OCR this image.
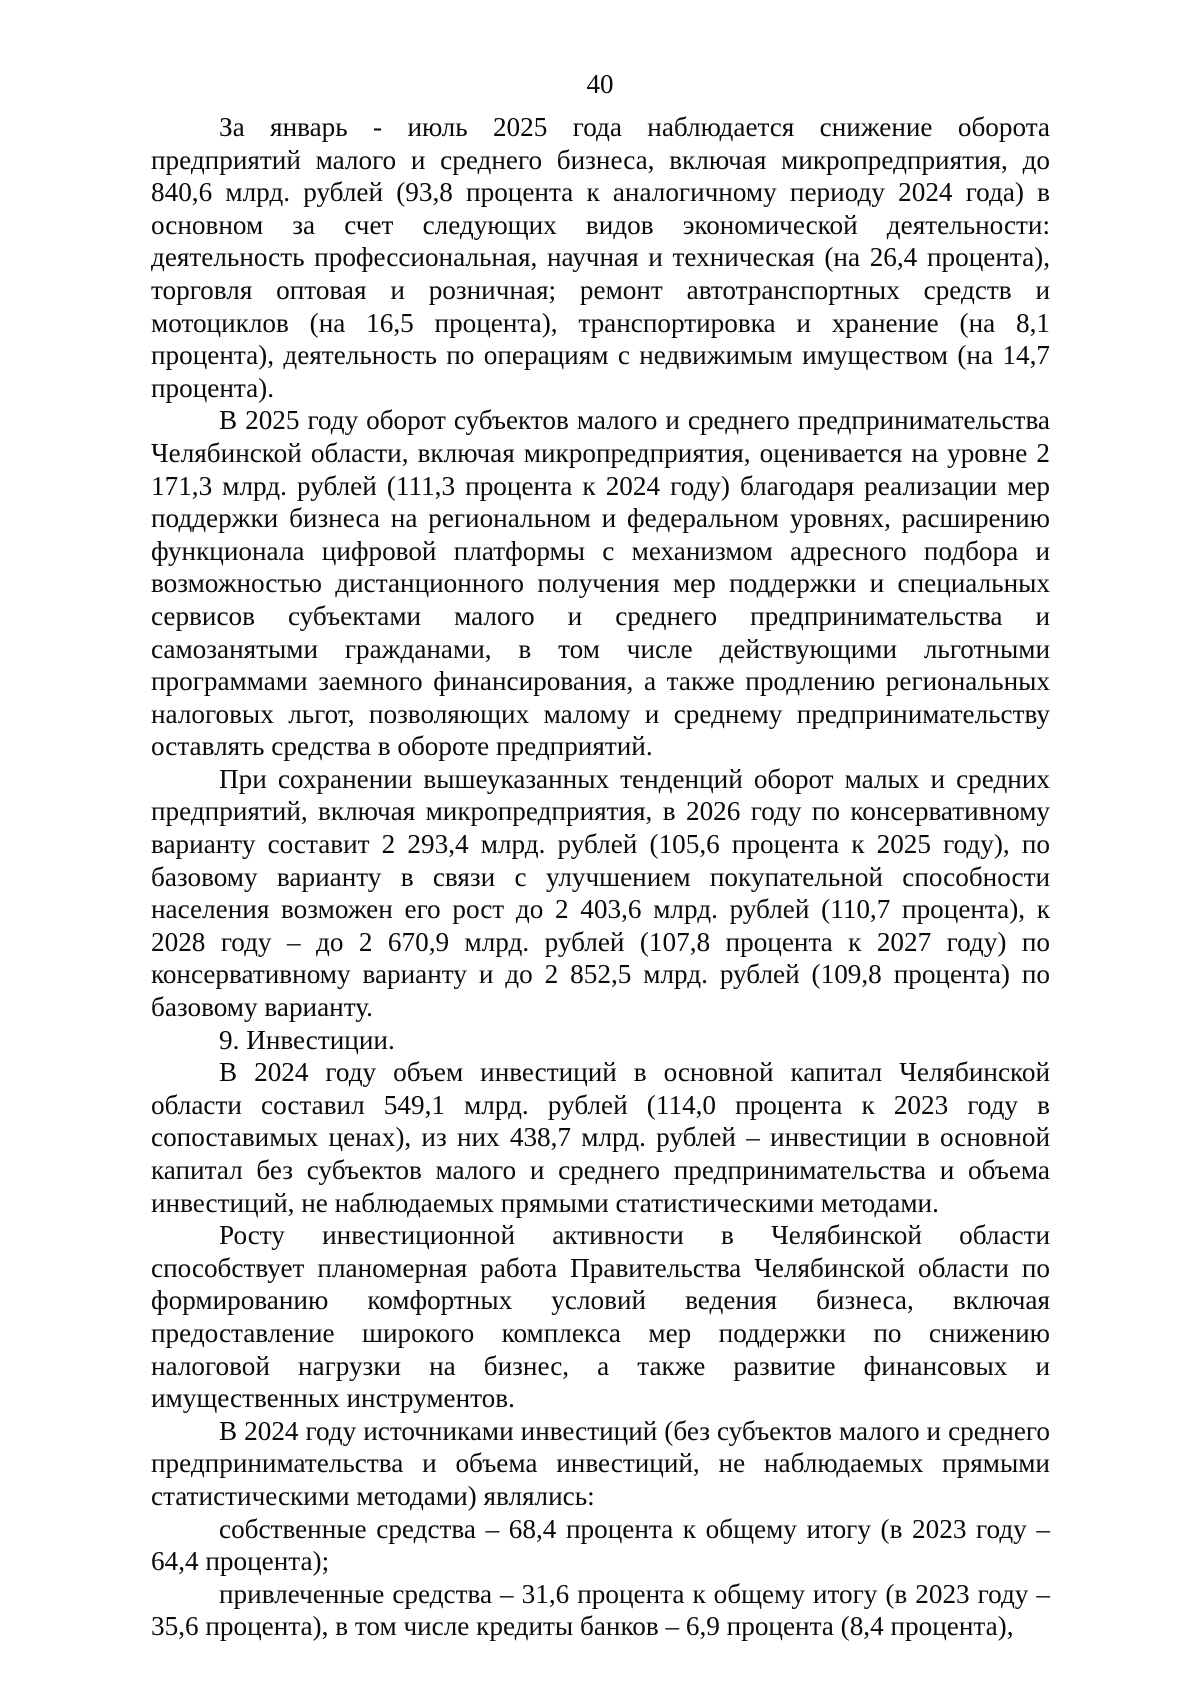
40

За январь - июль 2025 года наблюдается снижение оборота предприятий малого и среднего бизнеса, включая микропредприятия, до 840,6 млрд. рублей (93,8 процента к аналогичному периоду 2024 года) в основном за счет следующих видов экономической деятельности: деятельность профессиональная, научная и техническая (на 26,4 процента), торговля оптовая и розничная; ремонт автотранспортных средств и мотоциклов (на 16,5 процента), транспортировка и хранение (на 8,1 процента), деятельность по операциям с недвижимым имуществом (на 14,7 процента).

В 2025 году оборот субъектов малого и среднего предпринимательства Челябинской области, включая микропредприятия, оценивается на уровне 2 171,3 млрд. рублей (111,3 процента к 2024 году) благодаря реализации мер поддержки бизнеса на региональном и федеральном уровнях, расширению функционала цифровой платформы с механизмом адресного подбора и возможностью дистанционного получения мер поддержки и специальных сервисов субъектами малого и среднего предпринимательства и самозанятыми гражданами, в том числе действующими льготными программами заемного финансирования, а также продлению региональных налоговых льгот, позволяющих малому и среднему предпринимательству оставлять средства в обороте предприятий.

При сохранении вышеуказанных тенденций оборот малых и средних предприятий, включая микропредприятия, в 2026 году по консервативному варианту составит 2 293,4 млрд. рублей (105,6 процента к 2025 году), по базовому варианту в связи с улучшением покупательной способности населения возможен его рост до 2 403,6 млрд. рублей (110,7 процента), к 2028 году – до 2 670,9 млрд. рублей (107,8 процента к 2027 году) по консервативному варианту и до 2 852,5 млрд. рублей (109,8 процента) по базовому варианту.

9. Инвестиции.

В 2024 году объем инвестиций в основной капитал Челябинской области составил 549,1 млрд. рублей (114,0 процента к 2023 году в сопоставимых ценах), из них 438,7 млрд. рублей – инвестиции в основной капитал без субъектов малого и среднего предпринимательства и объема инвестиций, не наблюдаемых прямыми статистическими методами.

Росту инвестиционной активности в Челябинской области способствует планомерная работа Правительства Челябинской области по формированию комфортных условий ведения бизнеса, включая предоставление широкого комплекса мер поддержки по снижению налоговой нагрузки на бизнес, а также развитие финансовых и имущественных инструментов.

В 2024 году источниками инвестиций (без субъектов малого и среднего предпринимательства и объема инвестиций, не наблюдаемых прямыми статистическими методами) являлись:

собственные средства – 68,4 процента к общему итогу (в 2023 году – 64,4 процента);

привлеченные средства – 31,6 процента к общему итогу (в 2023 году – 35,6 процента), в том числе кредиты банков – 6,9 процента (8,4 процента),
